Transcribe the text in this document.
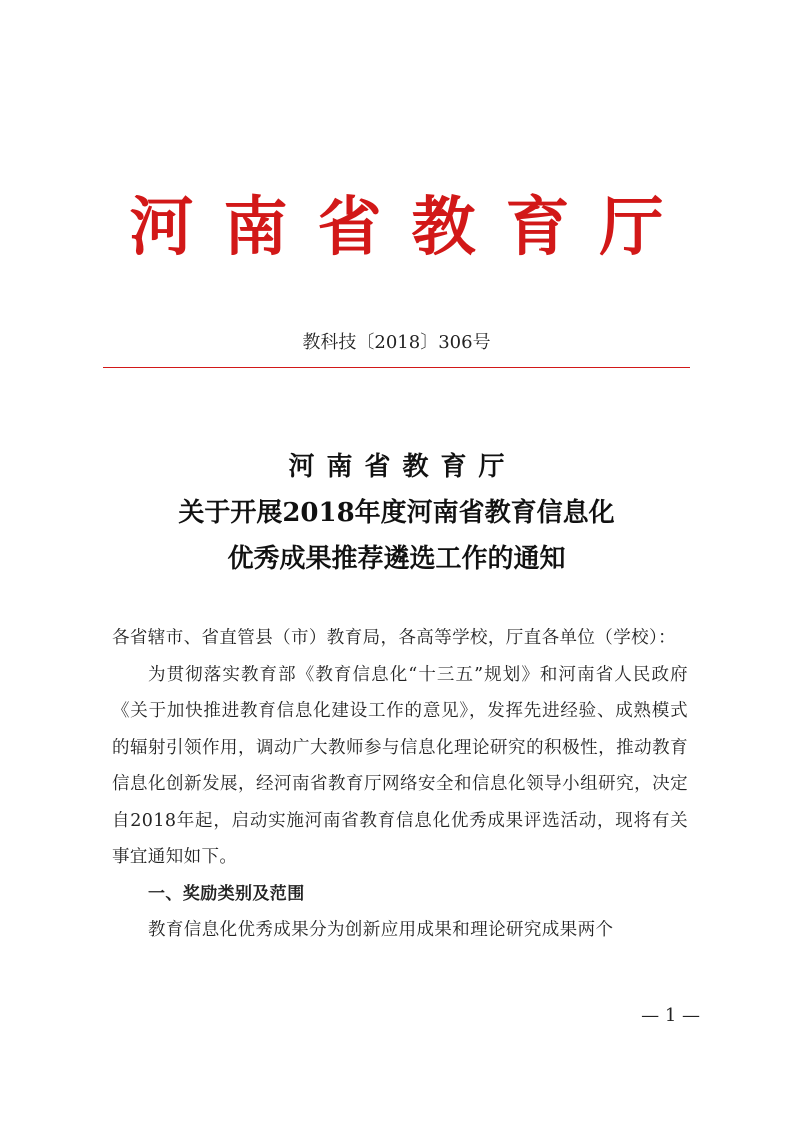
河南省教育厅
教科技〔2018〕306号
河南省教育厅
关于开展2018年度河南省教育信息化
优秀成果推荐遴选工作的通知

各省辖市、省直管县（市）教育局，各高等学校，厅直各单位（学校）：

为贯彻落实教育部《教育信息化“十三五”规划》和河南省人民政府《关于加快推进教育信息化建设工作的意见》，发挥先进经验、成熟模式的辐射引领作用，调动广大教师参与信息化理论研究的积极性，推动教育信息化创新发展，经河南省教育厅网络安全和信息化领导小组研究，决定自2018年起，启动实施河南省教育信息化优秀成果评选活动，现将有关事宜通知如下。

一、奖励类别及范围

教育信息化优秀成果分为创新应用成果和理论研究成果两个

— 1 —
